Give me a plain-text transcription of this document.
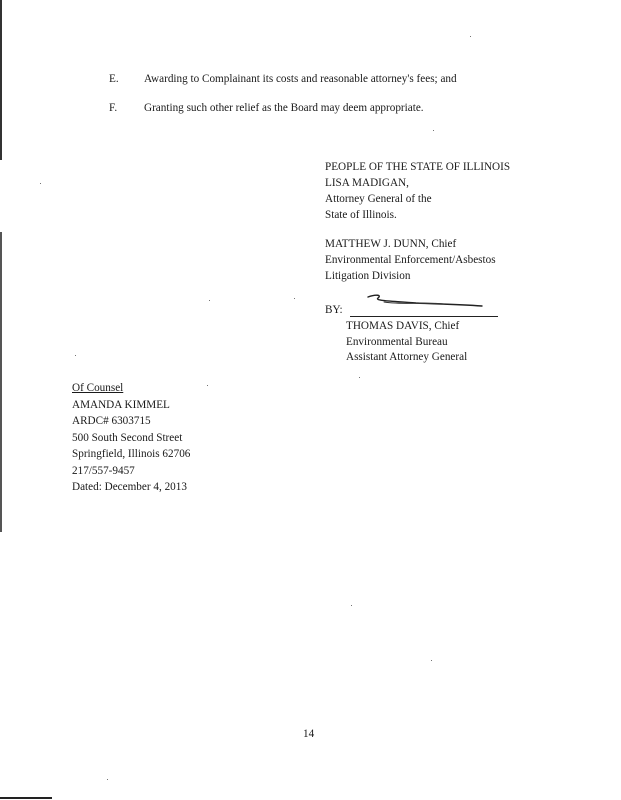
E. Awarding to Complainant its costs and reasonable attorney's fees; and
F. Granting such other relief as the Board may deem appropriate.
PEOPLE OF THE STATE OF ILLINOIS
LISA MADIGAN,
Attorney General of the
State of Illinois.
MATTHEW J. DUNN, Chief
Environmental Enforcement/Asbestos
Litigation Division
BY:
THOMAS DAVIS, Chief
Environmental Bureau
Assistant Attorney General
Of Counsel
AMANDA KIMMEL
ARDC# 6303715
500 South Second Street
Springfield, Illinois 62706
217/557-9457
Dated: December 4, 2013
14
